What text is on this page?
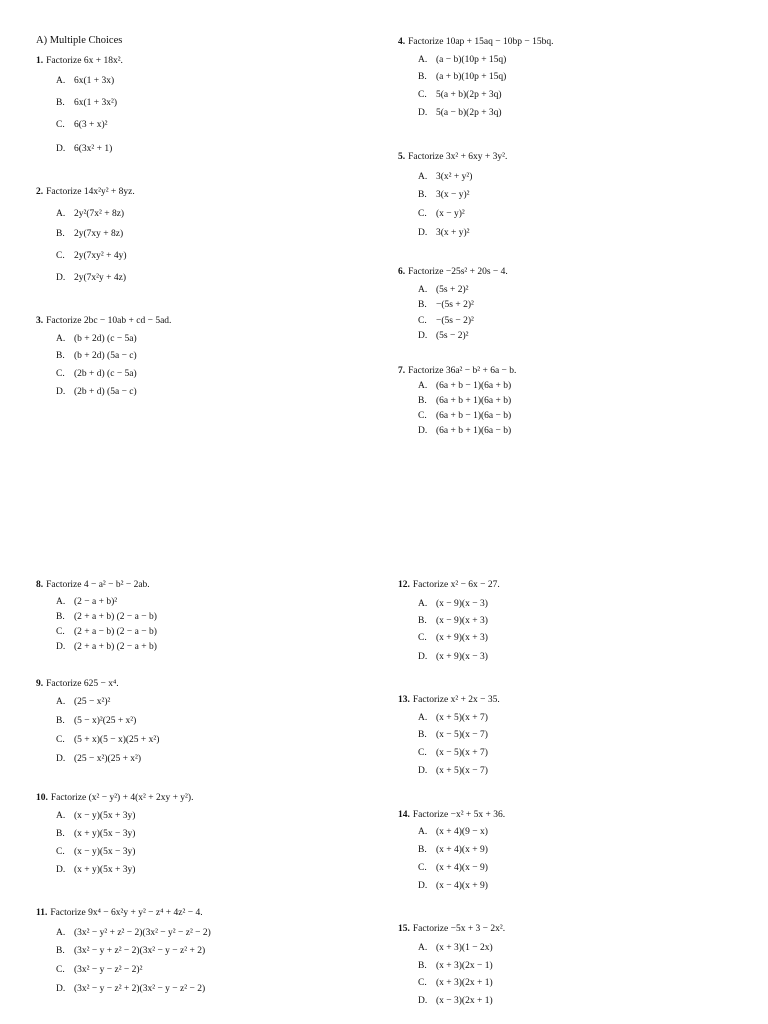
A) Multiple Choices
1. Factorize 6x + 18x².
A. 6x(1 + 3x)
B. 6x(1 + 3x²)
C. 6(3 + x)²
D. 6(3x² + 1)
2. Factorize 14x²y² + 8yz.
A. 2y²(7x² + 8z)
B. 2y(7xy + 8z)
C. 2y(7xy² + 4y)
D. 2y(7x²y + 4z)
3. Factorize 2bc − 10ab + cd − 5ad.
A. (b + 2d) (c − 5a)
B. (b + 2d) (5a − c)
C. (2b + d) (c − 5a)
D. (2b + d) (5a − c)
4. Factorize 10ap + 15aq − 10bp − 15bq.
A. (a − b)(10p + 15q)
B. (a + b)(10p + 15q)
C. 5(a + b)(2p + 3q)
D. 5(a − b)(2p + 3q)
5. Factorize 3x² + 6xy + 3y².
A. 3(x² + y²)
B. 3(x − y)²
C. (x − y)²
D. 3(x + y)²
6. Factorize −25s² + 20s − 4.
A. (5s + 2)²
B. −(5s + 2)²
C. −(5s − 2)²
D. (5s − 2)²
7. Factorize 36a² − b² + 6a − b.
A. (6a + b − 1)(6a + b)
B. (6a + b + 1)(6a + b)
C. (6a + b − 1)(6a − b)
D. (6a + b + 1)(6a − b)
8. Factorize 4 − a² − b² − 2ab.
A. (2 − a + b)²
B. (2 + a + b) (2 − a − b)
C. (2 + a − b) (2 − a − b)
D. (2 + a + b) (2 − a + b)
9. Factorize 625 − x⁴.
A. (25 − x²)²
B. (5 − x)²(25 + x²)
C. (5 + x)(5 − x)(25 + x²)
D. (25 − x²)(25 + x²)
10. Factorize (x² − y²) + 4(x² + 2xy + y²).
A. (x − y)(5x + 3y)
B. (x + y)(5x − 3y)
C. (x − y)(5x − 3y)
D. (x + y)(5x + 3y)
11. Factorize 9x⁴ − 6x²y + y² − z⁴ + 4z² − 4.
A. (3x² − y² + z² − 2)(3x² − y² − z² − 2)
B. (3x² − y + z² − 2)(3x² − y − z² + 2)
C. (3x² − y − z² − 2)²
D. (3x² − y − z² + 2)(3x² − y − z² − 2)
12. Factorize x² − 6x − 27.
A. (x − 9)(x − 3)
B. (x − 9)(x + 3)
C. (x + 9)(x + 3)
D. (x + 9)(x − 3)
13. Factorize x² + 2x − 35.
A. (x + 5)(x + 7)
B. (x − 5)(x − 7)
C. (x − 5)(x + 7)
D. (x + 5)(x − 7)
14. Factorize −x² + 5x + 36.
A. (x + 4)(9 − x)
B. (x + 4)(x + 9)
C. (x + 4)(x − 9)
D. (x − 4)(x + 9)
15. Factorize −5x + 3 − 2x².
A. (x + 3)(1 − 2x)
B. (x + 3)(2x − 1)
C. (x + 3)(2x + 1)
D. (x − 3)(2x + 1)
